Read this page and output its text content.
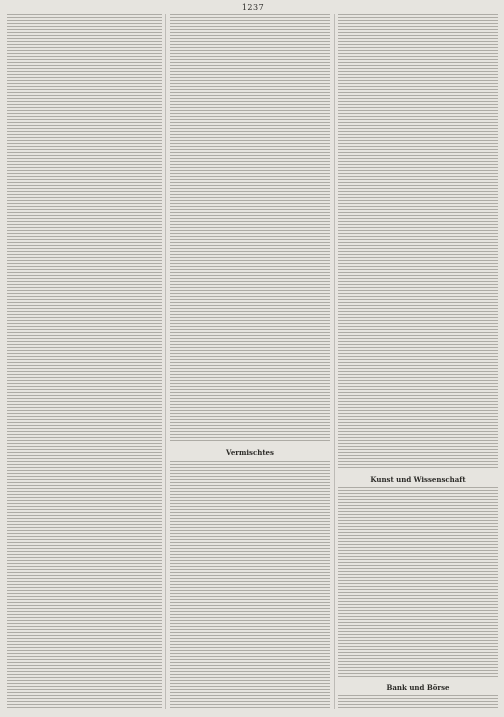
1237
Vermischtes
Kunst und Wissenschaft
Bank und Börse
